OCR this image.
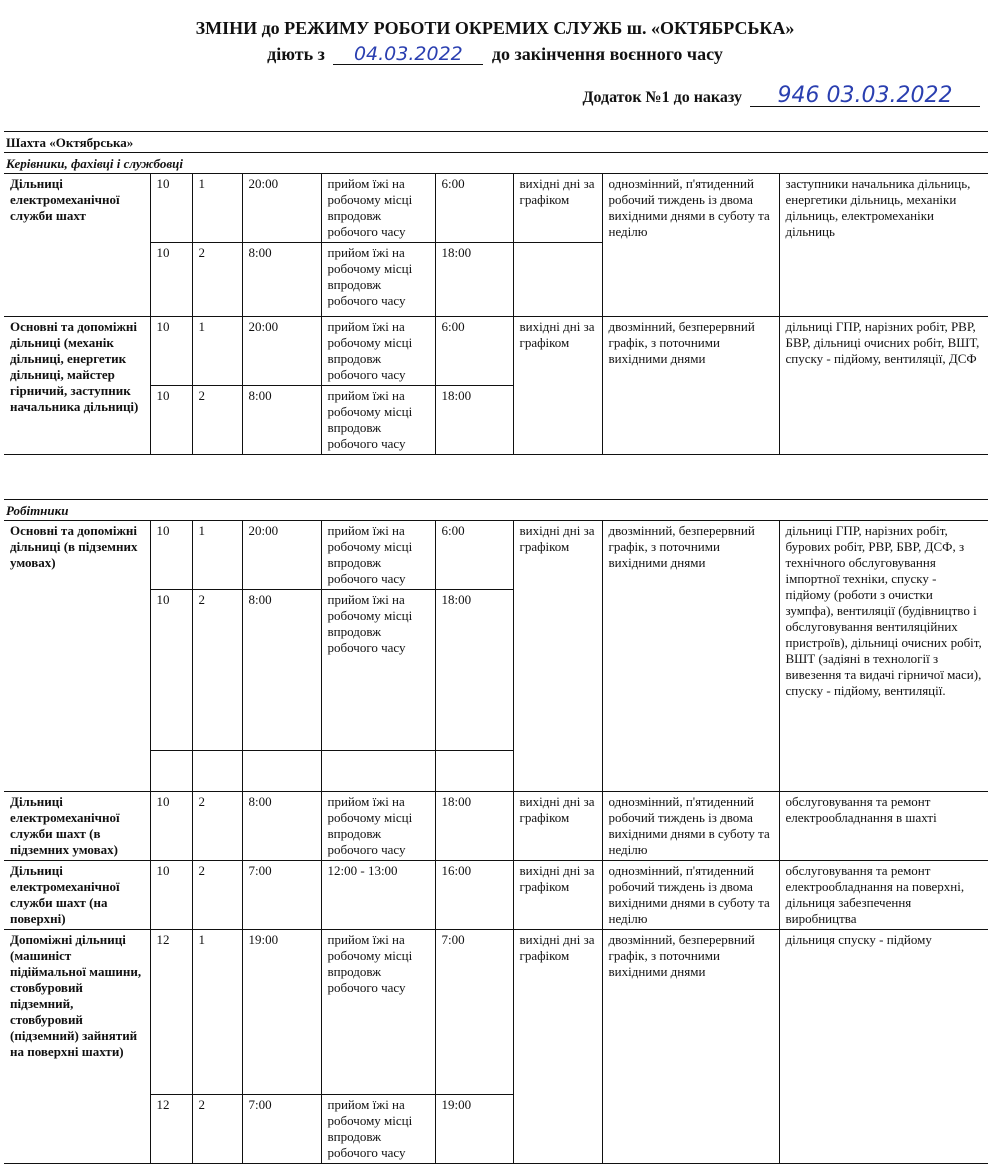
ЗМІНИ до РЕЖИМУ РОБОТИ ОКРЕМИХ СЛУЖБ ш. «ОКТЯБРСЬКА»
діють з 04.03.2022 до закінчення воєнного часу
Додаток №1 до наказу 946 03.03.2022
Шахта «Октябрська»
Керівники, фахівці і службовці
Дільниці електромеханічної служби шахт	10	1	20:00	прийом їжі на робочому місці впродовж робочого часу	6:00	вихідні дні за графіком	однозмінний, п'ятиденний робочий тиждень із двома вихідними днями в суботу та неділю	заступники начальника дільниць, енергетики дільниць, механіки дільниць, електромеханіки дільниць
	10	2	8:00	прийом їжі на робочому місці впродовж робочого часу	18:00			
Основні та допоміжні дільниці (механік дільниці, енергетик дільниці, майстер гірничий, заступник начальника дільниці)	10	1	20:00	прийом їжі на робочому місці впродовж робочого часу	6:00	вихідні дні за графіком	двозмінний, безперервний графік, з поточними вихідними днями	дільниці ГПР, нарізних робіт, РВР, БВР, дільниці очисних робіт, ВШТ, спуску - підйому, вентиляції, ДСФ
	10	2	8:00	прийом їжі на робочому місці впродовж робочого часу	18:00			
Робітники
Основні та допоміжні дільниці (в підземних умовах)	10	1	20:00	прийом їжі на робочому місці впродовж робочого часу	6:00	вихідні дні за графіком	двозмінний, безперервний графік, з поточними вихідними днями	дільниці ГПР, нарізних робіт, бурових робіт, РВР, БВР, ДСФ, з технічного обслуговування імпортної техніки, спуску - підйому (роботи з очистки зумпфа), вентиляції (будівництво і обслуговування вентиляційних пристроїв), дільниці очисних робіт, ВШТ (задіяні в технології з вивезення та видачі гірничої маси), спуску - підйому, вентиляції.
	10	2	8:00	прийом їжі на робочому місці впродовж робочого часу	18:00			

Дільниці електромеханічної служби шахт (в підземних умовах)	10	2	8:00	прийом їжі на робочому місці впродовж робочого часу	18:00	вихідні дні за графіком	однозмінний, п'ятиденний робочий тиждень із двома вихідними днями в суботу та неділю	обслуговування та ремонт електрообладнання в шахті
Дільниці електромеханічної служби шахт (на поверхні)	10	2	7:00	12:00 - 13:00	16:00	вихідні дні за графіком	однозмінний, п'ятиденний робочий тиждень із двома вихідними днями в суботу та неділю	обслуговування та ремонт електрообладнання на поверхні, дільниця забезпечення виробництва
Допоміжні дільниці (машиніст підіймальної машини, стовбуровий підземний, стовбуровий (підземний) зайнятий на поверхні шахти)	12	1	19:00	прийом їжі на робочому місці впродовж робочого часу	7:00	вихідні дні за графіком	двозмінний, безперервний графік, з поточними вихідними днями	дільниця спуску - підйому
	12	2	7:00	прийом їжі на робочому місці впродовж робочого часу	19:00			
